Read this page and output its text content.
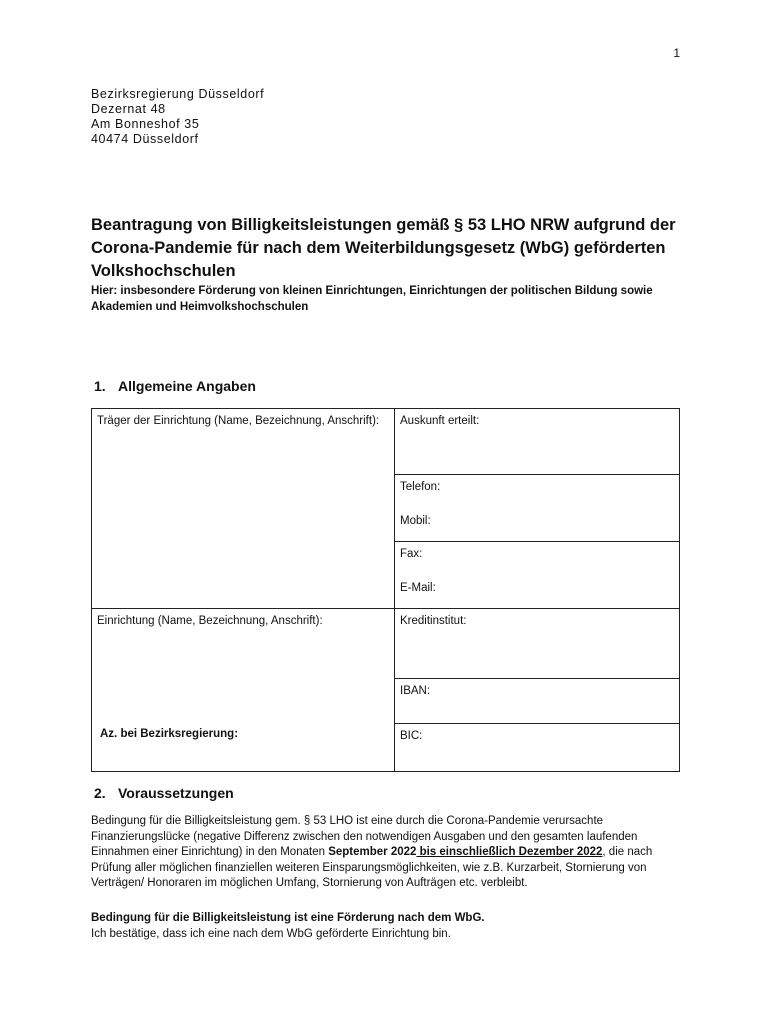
1
Bezirksregierung Düsseldorf
Dezernat 48
Am Bonneshof 35
40474 Düsseldorf
Beantragung von Billigkeitsleistungen gemäß § 53 LHO NRW aufgrund der Corona-Pandemie für nach dem Weiterbildungsgesetz (WbG) geförderten Volkshochschulen
Hier: insbesondere Förderung von kleinen Einrichtungen, Einrichtungen der politischen Bildung sowie Akademien und Heimvolkshochschulen
1. Allgemeine Angaben
Träger der Einrichtung (Name, Bezeichnung, Anschrift):	Auskunft erteilt:

	Telefon:
Mobil:

	Fax:
E-Mail:

Einrichtung (Name, Bezeichnung, Anschrift):
Az. bei Bezirksregierung:	Kreditinstitut:
	IBAN:
	BIC:
2. Voraussetzungen
Bedingung für die Billigkeitsleistung gem. § 53 LHO ist eine durch die Corona-Pandemie verursachte Finanzierungslücke (negative Differenz zwischen den notwendigen Ausgaben und den gesamten laufenden Einnahmen einer Einrichtung) in den Monaten September 2022 bis einschließlich Dezember 2022, die nach Prüfung aller möglichen finanziellen weiteren Einsparungsmöglichkeiten, wie z.B. Kurzarbeit, Stornierung von Verträgen/ Honoraren im möglichen Umfang, Stornierung von Aufträgen etc. verbleibt.
Bedingung für die Billigkeitsleistung ist eine Förderung nach dem WbG.
Ich bestätige, dass ich eine nach dem WbG geförderte Einrichtung bin.
